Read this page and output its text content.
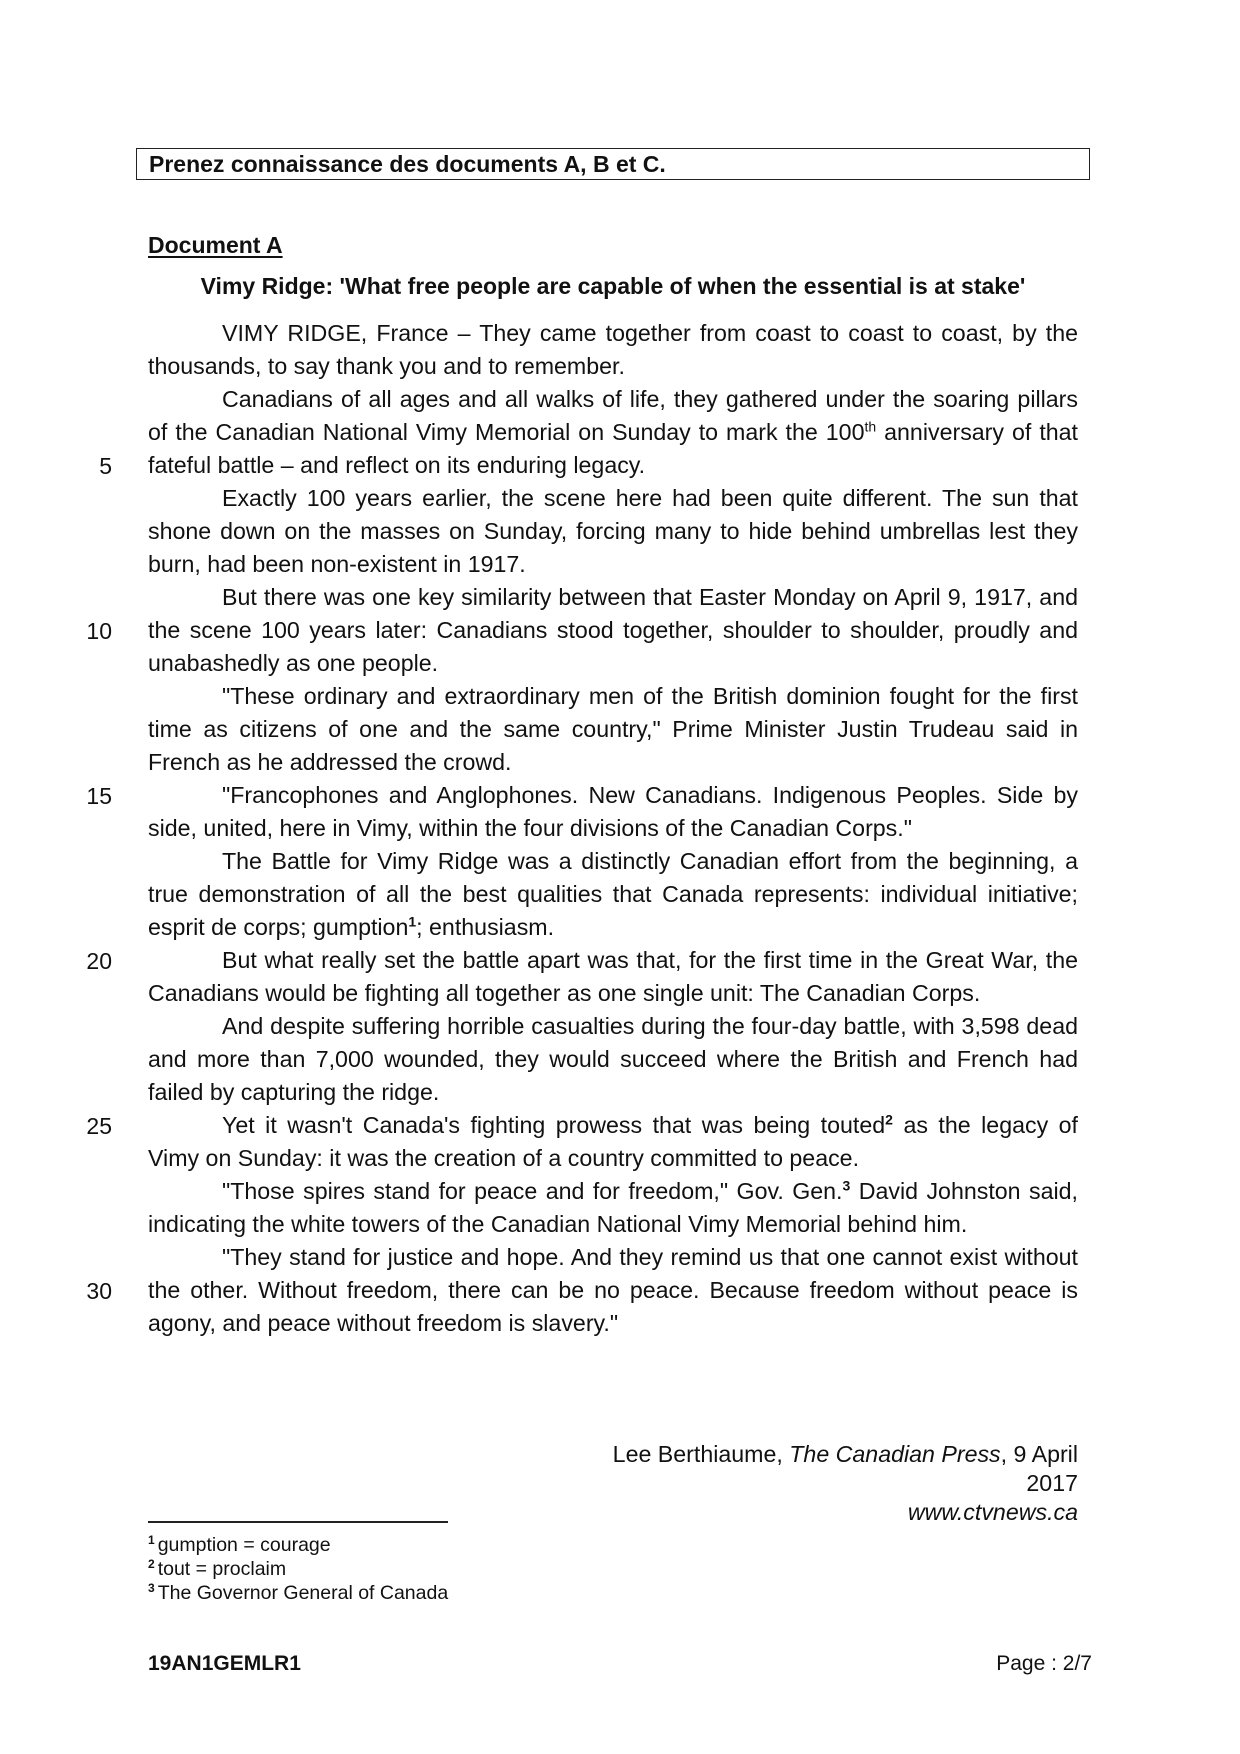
Prenez connaissance des documents A, B et C.
Document A
Vimy Ridge: 'What free people are capable of when the essential is at stake'

VIMY RIDGE, France – They came together from coast to coast to coast, by the thousands, to say thank you and to remember.

Canadians of all ages and all walks of life, they gathered under the soaring pillars of the Canadian National Vimy Memorial on Sunday to mark the 100th anniversary of that fateful battle – and reflect on its enduring legacy.

Exactly 100 years earlier, the scene here had been quite different. The sun that shone down on the masses on Sunday, forcing many to hide behind umbrellas lest they burn, had been non-existent in 1917.

But there was one key similarity between that Easter Monday on April 9, 1917, and the scene 100 years later: Canadians stood together, shoulder to shoulder, proudly and unabashedly as one people.

"These ordinary and extraordinary men of the British dominion fought for the first time as citizens of one and the same country," Prime Minister Justin Trudeau said in French as he addressed the crowd.

"Francophones and Anglophones. New Canadians. Indigenous Peoples. Side by side, united, here in Vimy, within the four divisions of the Canadian Corps."

The Battle for Vimy Ridge was a distinctly Canadian effort from the beginning, a true demonstration of all the best qualities that Canada represents: individual initiative; esprit de corps; gumption$^1$; enthusiasm.

But what really set the battle apart was that, for the first time in the Great War, the Canadians would be fighting all together as one single unit: The Canadian Corps.

And despite suffering horrible casualties during the four-day battle, with 3,598 dead and more than 7,000 wounded, they would succeed where the British and French had failed by capturing the ridge.

Yet it wasn't Canada's fighting prowess that was being touted$^2$ as the legacy of Vimy on Sunday: it was the creation of a country committed to peace.

"Those spires stand for peace and for freedom," Gov. Gen.$^3$ David Johnston said, indicating the white towers of the Canadian National Vimy Memorial behind him.

"They stand for justice and hope. And they remind us that one cannot exist without the other. Without freedom, there can be no peace. Because freedom without peace is agony, and peace without freedom is slavery."

5
10
15
20
25
30
Lee Berthiaume, The Canadian Press, 9 April 2017
www.ctvnews.ca
$^1$ gumption = courage
$^2$ tout = proclaim
$^3$ The Governor General of Canada
19AN1GEMLR1	Page : 2/7
